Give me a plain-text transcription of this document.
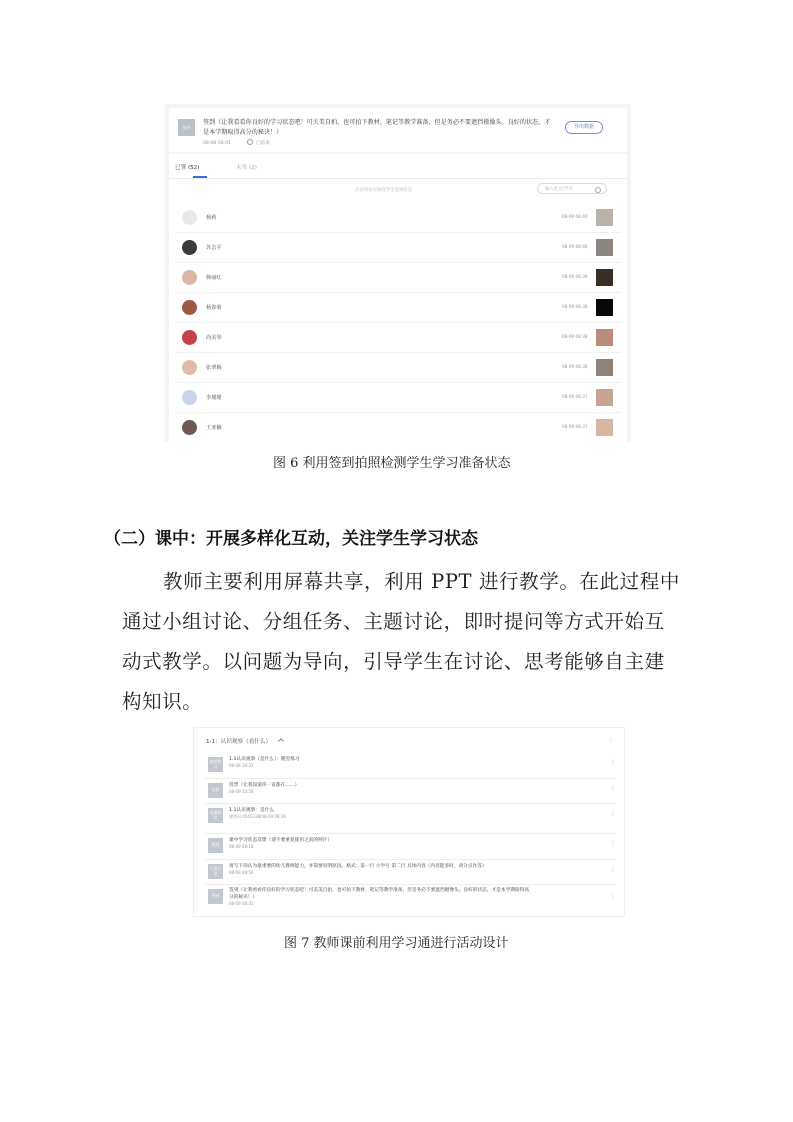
签到
签到（让我看看你良好的学习状态吧！可关美自拍，也可拍下教材、笔记等教学准备，但是务必不要遮挡摄像头。良好的状态，才是本学期取得高分的秘诀！）
08-08 08:41	已结束
导出数据
已签 (52)	未签 (2)
点击列表可修改学生签到状态	输入姓名/学号
杨莉	08-09 08:40
苏志平	08-09 08:40
韩丽红	08-09 08:39
杨春菊	08-09 08:38
尚美琴	08-09 08:38
张翠梅	08-09 08:38
李瑾瑾	08-09 08:37
王亚楠	08-09 08:37
图 6 利用签到拍照检测学生学习准备状态
（二）课中：开展多样化互动，关注学生学习状态
教师主要利用屏幕共享，利用 PPT 进行教学。在此过程中
通过小组讨论、分组任务、主题讨论，即时提问等方式开始互
动式教学。以问题为导向，引导学生在讨论、思考能够自主建
构知识。
1-1：认识观察（看什么）	⋮
随堂练习
1.1认识观察（是什么）：随堂练习
08-08 16:32	⋮
投票
投票（让我知道你一直都在……）
08-09 10:58	⋮
直播课堂
1.1认识观察：是什么
课堂码:4565338|08-09 08:36	⋮
签到
课中学习状态反馈（请不要重复使用之前的照片）
08-09 08:18	⋮
主题讨论
请写下你认为最重要的幼儿教师能力，并简要说明原因。格式：第一行 小学号 第二行 具体内容（内容能多时，请分点作答）
08-09 08:54	⋮
签到
签到（让我看看你良好的学习状态吧！可美美自拍，也可拍下教材、笔记等教学准备，但是务必不要遮挡摄像头。良好的状态，才是本学期取得高分的秘诀！）
08-09 08:31
⋮
图 7 教师课前利用学习通进行活动设计
